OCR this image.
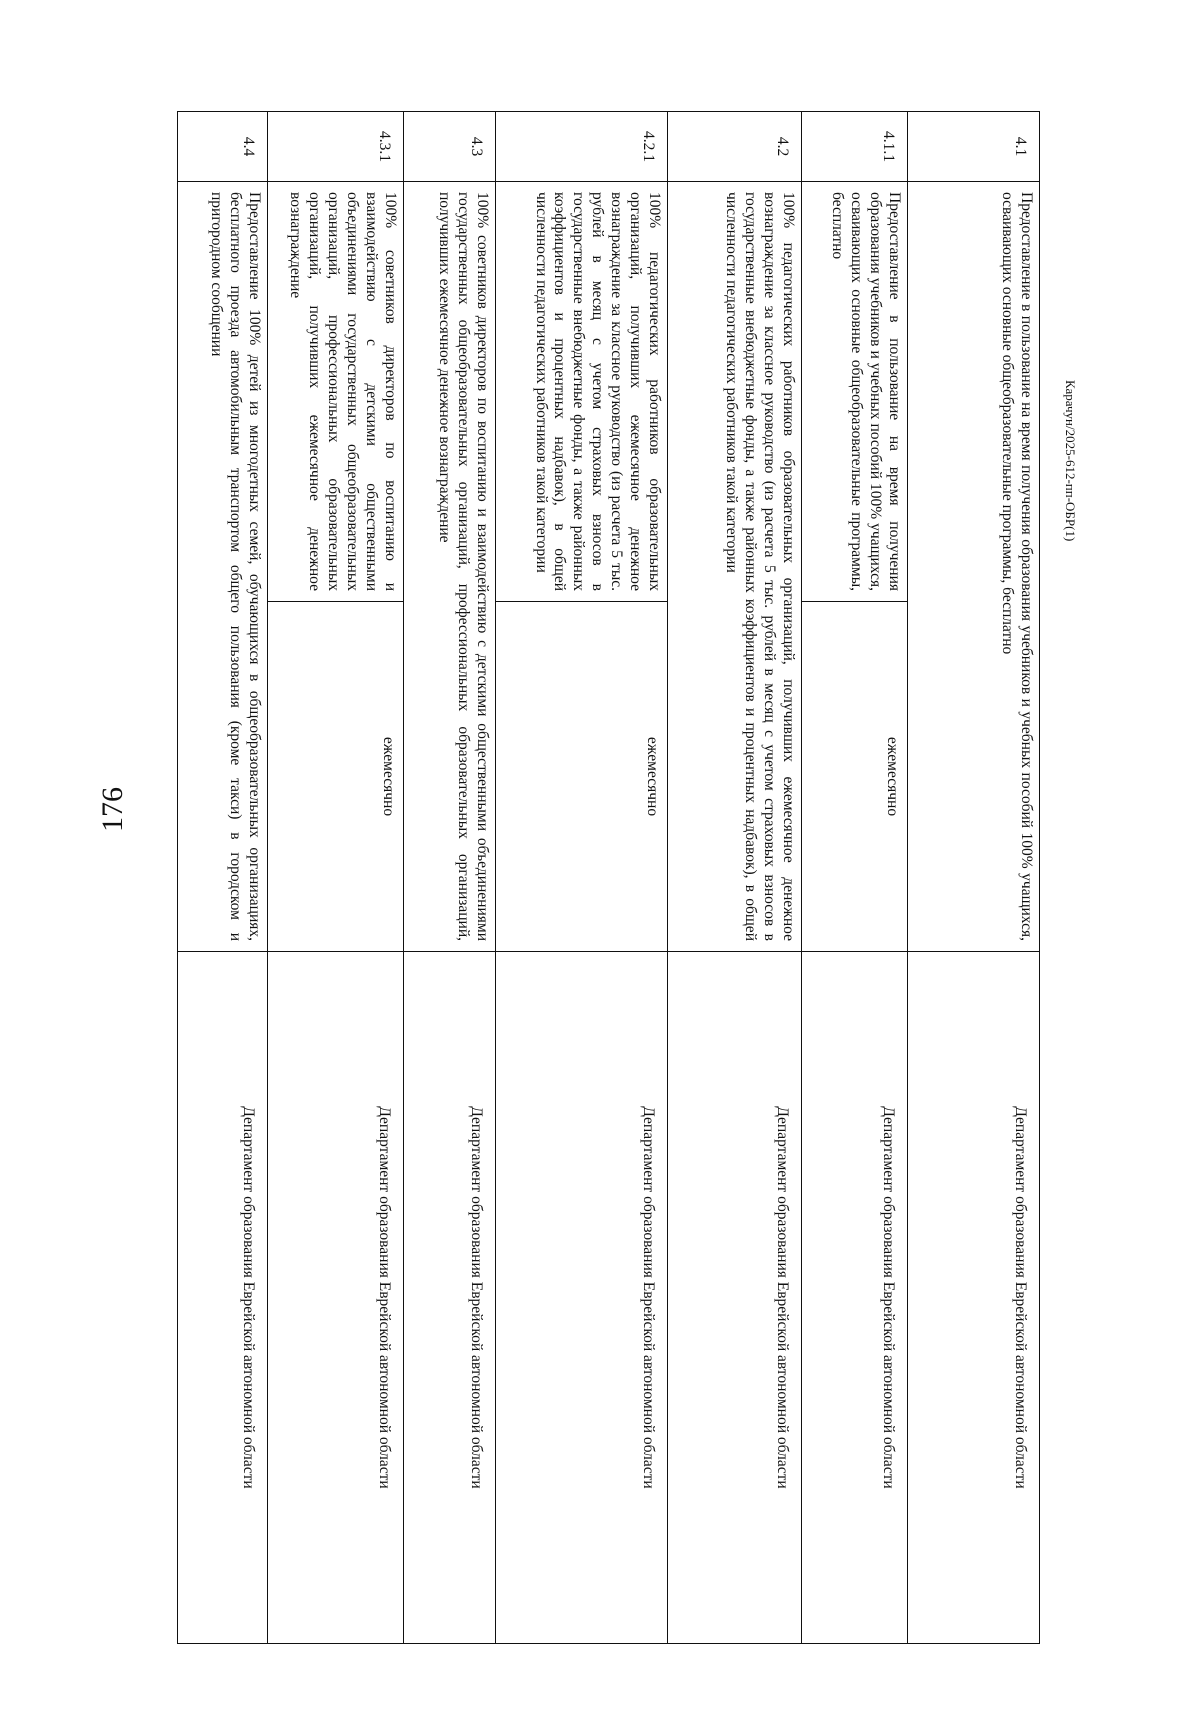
176
4.1	Предоставление в пользование на время получения образования учебников и учебных пособий 100% учащихся, осваивающих основные общеобразовательные программы, бесплатно		Департамент образования Еврейской автономной области
4.1.1	Предоставление в пользование на время получения образования учебников и учебных пособий 100% учащихся, осваивающих основные общеобразовательные программы, бесплатно	ежемесячно	Департамент образования Еврейской автономной области
4.2	100% педагогических работников образовательных организаций, получивших ежемесячное денежное вознаграждение за классное руководство (из расчета 5 тыс. рублей в месяц с учетом страховых взносов в государственные внебюджетные фонды, а также районных коэффициентов и процентных надбавок), в общей численности педагогических работников такой категории		Департамент образования Еврейской автономной области
4.2.1	100% педагогических работников образовательных организаций, получивших ежемесячное денежное вознаграждение за классное руководство (из расчета 5 тыс. рублей в месяц с учетом страховых взносов в государственные внебюджетные фонды, а также районных коэффициентов и процентных надбавок), в общей численности педагогических работников такой категории	ежемесячно	Департамент образования Еврейской автономной области
4.3	100% советников директоров по воспитанию и взаимодействию с детскими общественными объединениями государственных общеобразовательных организаций, профессиональных образовательных организаций, получивших ежемесячное денежное вознаграждение		Департамент образования Еврейской автономной области
4.3.1	100% советников директоров по воспитанию и взаимодействию с детскими общественными объединениями государственных общеобразовательных организаций, профессиональных образовательных организаций, получивших ежемесячное денежное вознаграждение	ежемесячно	Департамент образования Еврейской автономной области
4.4	Предоставление 100% детей из многодетных семей, обучающихся в общеобразовательных организациях, бесплатного проезда автомобильным транспортом общего пользования (кроме такси) в городском и пригородном сообщении		Департамент образования Еврейской автономной области
Карачун/2025-612-пп-ОБР(1)
